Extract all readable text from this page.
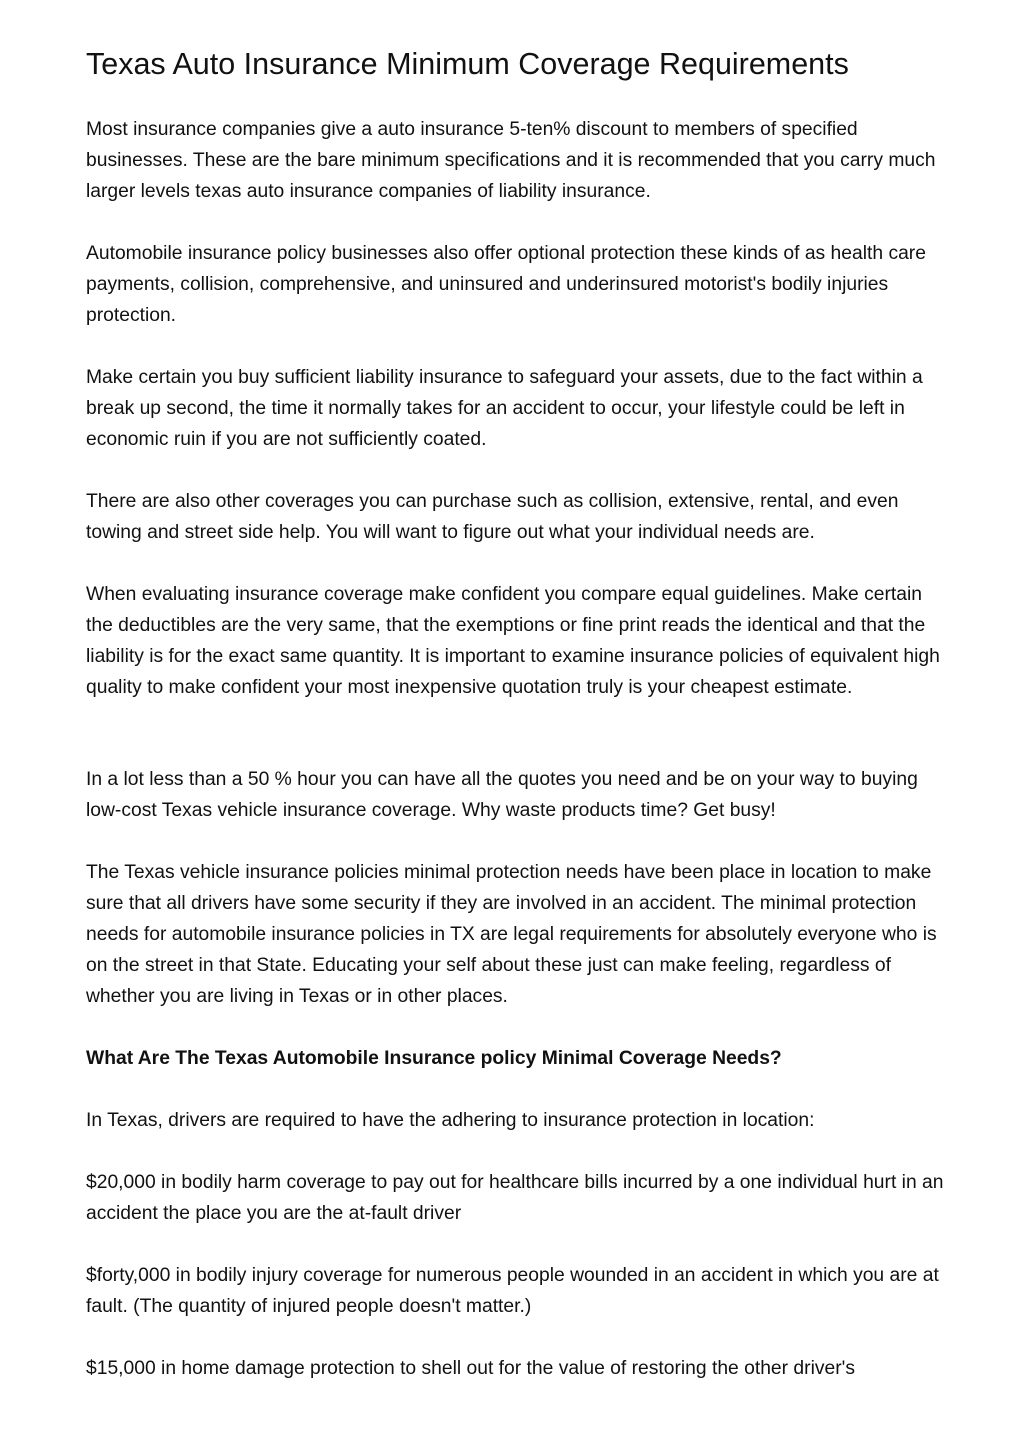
Texas Auto Insurance Minimum Coverage Requirements

Most insurance companies give a auto insurance 5-ten% discount to members of specified businesses. These are the bare minimum specifications and it is recommended that you carry much larger levels texas auto insurance companies of liability insurance.

Automobile insurance policy businesses also offer optional protection these kinds of as health care payments, collision, comprehensive, and uninsured and underinsured motorist's bodily injuries protection.

Make certain you buy sufficient liability insurance to safeguard your assets, due to the fact within a break up second, the time it normally takes for an accident to occur, your lifestyle could be left in economic ruin if you are not sufficiently coated.

There are also other coverages you can purchase such as collision, extensive, rental, and even towing and street side help. You will want to figure out what your individual needs are.

When evaluating insurance coverage make confident you compare equal guidelines. Make certain the deductibles are the very same, that the exemptions or fine print reads the identical and that the liability is for the exact same quantity. It is important to examine insurance policies of equivalent high quality to make confident your most inexpensive quotation truly is your cheapest estimate.

In a lot less than a 50 % hour you can have all the quotes you need and be on your way to buying low-cost Texas vehicle insurance coverage. Why waste products time? Get busy!

The Texas vehicle insurance policies minimal protection needs have been place in location to make sure that all drivers have some security if they are involved in an accident. The minimal protection needs for automobile insurance policies in TX are legal requirements for absolutely everyone who is on the street in that State. Educating your self about these just can make feeling, regardless of whether you are living in Texas or in other places.

What Are The Texas Automobile Insurance policy Minimal Coverage Needs?

In Texas, drivers are required to have the adhering to insurance protection in location:

$20,000 in bodily harm coverage to pay out for healthcare bills incurred by a one individual hurt in an accident the place you are the at-fault driver

$forty,000 in bodily injury coverage for numerous people wounded in an accident in which you are at fault. (The quantity of injured people doesn't matter.)

$15,000 in home damage protection to shell out for the value of restoring the other driver's
